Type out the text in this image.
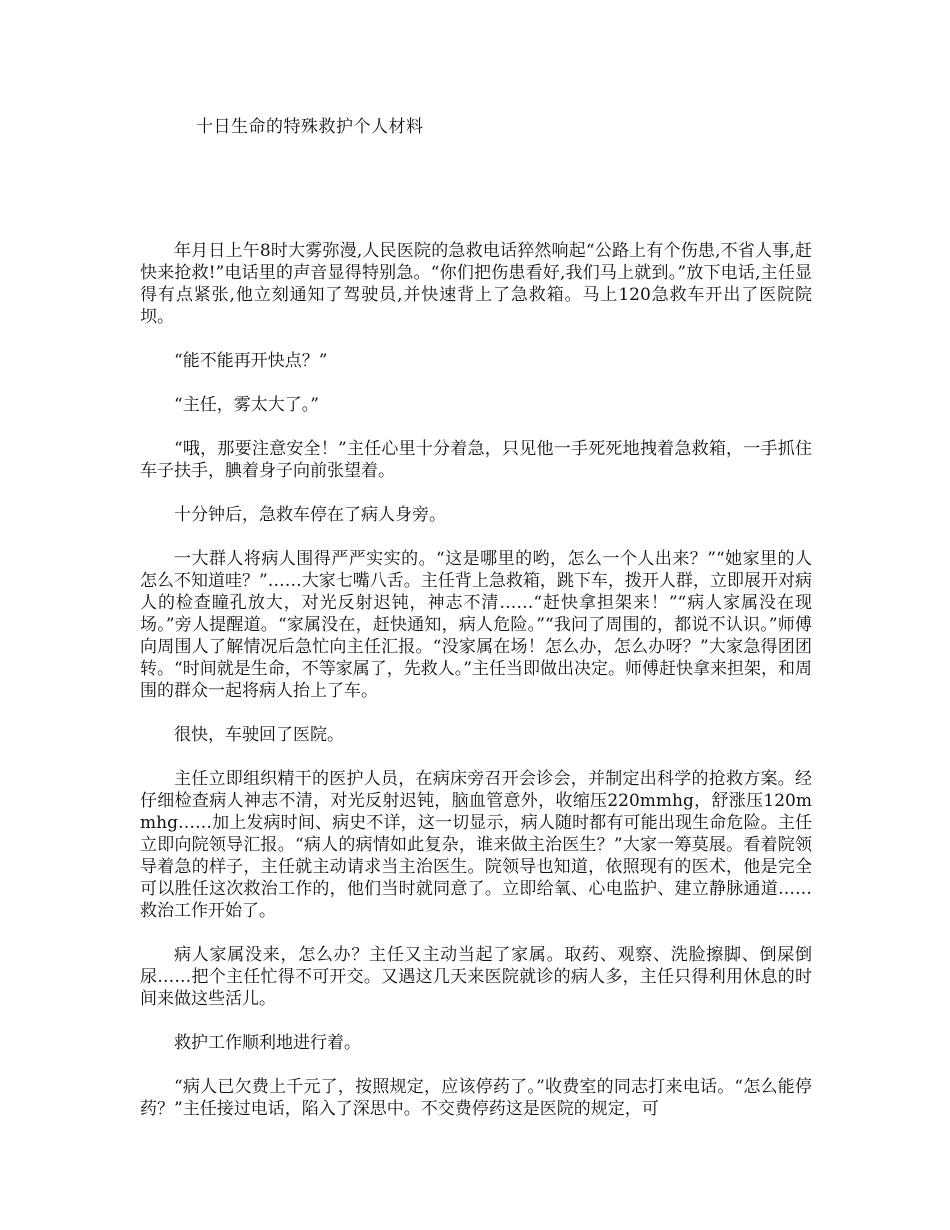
十日生命的特殊救护个人材料

年月日上午8时大雾弥漫,人民医院的急救电话猝然响起“公路上有个伤患,不省人事,赶快来抢救!”电话里的声音显得特别急。“你们把伤患看好,我们马上就到。”放下电话,主任显得有点紧张,他立刻通知了驾驶员,并快速背上了急救箱。马上120急救车开出了医院院坝。

“能不能再开快点？”

“主任，雾太大了。”

“哦，那要注意安全！”主任心里十分着急，只见他一手死死地拽着急救箱，一手抓住车子扶手，腆着身子向前张望着。

十分钟后，急救车停在了病人身旁。

一大群人将病人围得严严实实的。“这是哪里的哟，怎么一个人出来？”“她家里的人怎么不知道哇？”……大家七嘴八舌。主任背上急救箱，跳下车，拨开人群，立即展开对病人的检查瞳孔放大，对光反射迟钝，神志不清……“赶快拿担架来！”“病人家属没在现场。”旁人提醒道。“家属没在，赶快通知，病人危险。”“我问了周围的，都说不认识。”师傅向周围人了解情况后急忙向主任汇报。“没家属在场！怎么办，怎么办呀？”大家急得团团转。“时间就是生命，不等家属了，先救人。”主任当即做出决定。师傅赶快拿来担架，和周围的群众一起将病人抬上了车。

很快，车驶回了医院。

主任立即组织精干的医护人员，在病床旁召开会诊会，并制定出科学的抢救方案。经仔细检查病人神志不清，对光反射迟钝，脑血管意外，收缩压220mmhg，舒涨压120mmhg……加上发病时间、病史不详，这一切显示，病人随时都有可能出现生命危险。主任立即向院领导汇报。“病人的病情如此复杂，谁来做主治医生？”大家一筹莫展。看着院领导着急的样子，主任就主动请求当主治医生。院领导也知道，依照现有的医术，他是完全可以胜任这次救治工作的，他们当时就同意了。立即给氧、心电监护、建立静脉通道……救治工作开始了。

病人家属没来，怎么办？主任又主动当起了家属。取药、观察、洗脸擦脚、倒屎倒尿……把个主任忙得不可开交。又遇这几天来医院就诊的病人多，主任只得利用休息的时间来做这些活儿。

救护工作顺利地进行着。

“病人已欠费上千元了，按照规定，应该停药了。”收费室的同志打来电话。“怎么能停药？”主任接过电话，陷入了深思中。不交费停药这是医院的规定，可
